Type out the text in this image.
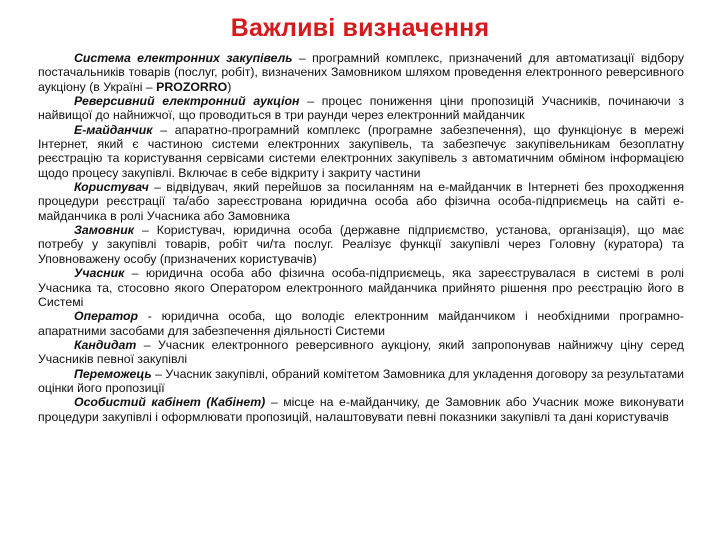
Важливі визначення

Система електронних закупівель – програмний комплекс, призначений для автоматизації відбору постачальників товарів (послуг, робіт), визначених Замовником шляхом проведення електронного реверсивного аукціону (в Україні – PROZORRO)

Реверсивний електронний аукціон – процес пониження ціни пропозицій Учасників, починаючи з найвищої до найнижчої, що проводиться в три раунди через електронний майданчик

Е-майданчик – апаратно-програмний комплекс (програмне забезпечення), що функціонує в мережі Інтернет, який є частиною системи електронних закупівель, та забезпечує закупівельникам безоплатну реєстрацію та користування сервісами системи електронних закупівель з автоматичним обміном інформацією щодо процесу закупівлі. Включає в себе відкриту і закриту частини

Користувач – відвідувач, який перейшов за посиланням на е-майданчик в Інтернеті без проходження процедури реєстрації та/або зареєстрована юридична особа або фізична особа-підприємець на сайті е-майданчика в ролі Учасника або Замовника

Замовник – Користувач, юридична особа (державне підприємство, установа, організація), що має потребу у закупівлі товарів, робіт чи/та послуг. Реалізує функції закупівлі через Головну (куратора) та Уповноважену особу (призначених користувачів)

Учасник – юридична особа або фізична особа-підприємець, яка зареєструвалася в системі в ролі Учасника та, стосовно якого Оператором електронного майданчика прийнято рішення про реєстрацію його в Системі

Оператор - юридична особа, що володіє електронним майданчиком і необхідними програмно-апаратними засобами для забезпечення діяльності Системи

Кандидат – Учасник електронного реверсивного аукціону, який запропонував найнижчу ціну серед Учасників певної закупівлі

Переможець – Учасник закупівлі, обраний комітетом Замовника для укладення договору за результатами оцінки його пропозиції

Особистий кабінет (Кабінет) – місце на е-майданчику, де Замовник або Учасник може виконувати процедури закупівлі і оформлювати пропозицій, налаштовувати певні показники закупівлі та дані користувачів
